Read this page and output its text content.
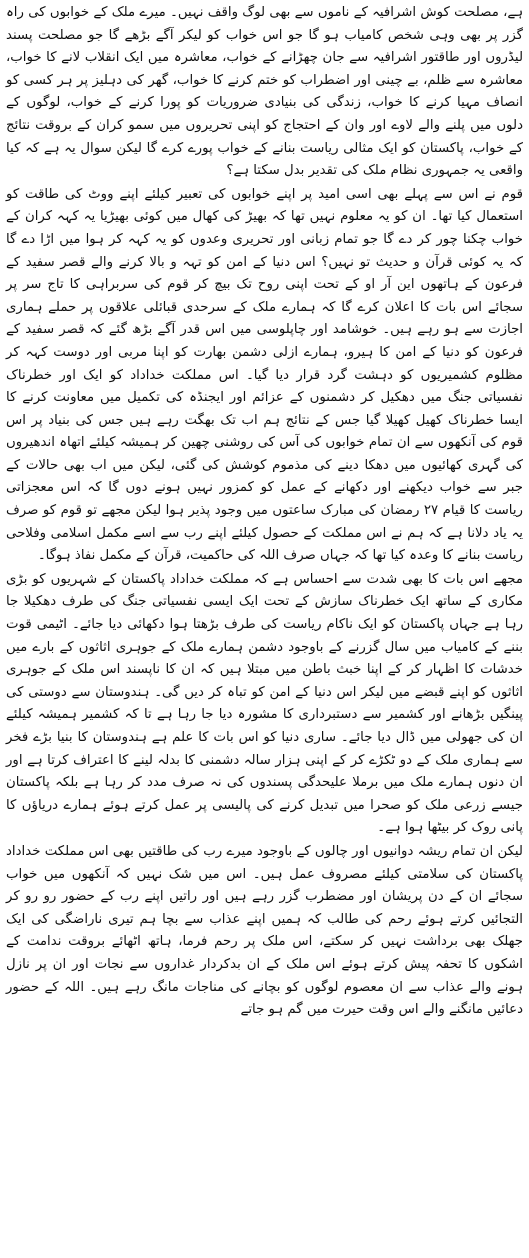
ہے، مصلحت کوش اشرافیہ کے ناموں سے بھی لوگ واقف نہیں۔ میرے ملک کے خوابوں کی راہ گزر پر بھی وہی شخص کامیاب ہو گا جو اس خواب کو لیکر آگے بڑھے گا جو مصلحت پسند لیڈروں اور طاقتور اشرافیہ سے جان چھڑانے کے خواب، معاشرہ میں ایک انقلاب لانے کا خواب، معاشرہ سے ظلم، بے چینی اور اضطراب کو ختم کرنے کا خواب، گھر کی دہلیز پر ہر کسی کو انصاف مہیا کرنے کا خواب، زندگی کی بنیادی ضروریات کو پورا کرنے کے خواب، لوگوں کے دلوں میں پلنے والے لاوے اور وان کے احتجاج کو اپنی تحریروں میں سمو کران کے بروقت نتائج کے خواب، پاکستان کو ایک مثالی ریاست بنانے کے خواب پورے کرے گا لیکن سوال یہ ہے کہ کیا واقعی یہ جمہوری نظام ملک کی تقدیر بدل سکتا ہے؟

قوم نے اس سے پہلے بھی اسی امید پر اپنے خوابوں کی تعبیر کیلئے اپنے ووٹ کی طاقت کو استعمال کیا تھا۔ ان کو یہ معلوم نہیں تھا کہ بھیڑ کی کھال میں کوئی بھیڑیا یہ کہہ کران کے خواب چکنا چور کر دے گا جو تمام زبانی اور تحریری وعدوں کو یہ کہہ کر ہوا میں اڑا دے گا کہ یہ کوئی قرآن و حدیث تو نہیں؟ اس دنیا کے امن کو تہہ و بالا کرنے والے قصر سفید کے فرعون کے ہاتھوں این آر او کے تحت اپنی روح تک بیچ کر قوم کی سربراہی کا تاج سر پر سجائے اس بات کا اعلان کرے گا کہ ہمارے ملک کے سرحدی قبائلی علاقوں پر حملے ہماری اجازت سے ہو رہے ہیں۔ خوشامد اور چاپلوسی میں اس قدر آگے بڑھ گئے کہ قصر سفید کے فرعون کو دنیا کے امن کا ہیرو، ہمارے ازلی دشمن بھارت کو اپنا مربی اور دوست کہہ کر مظلوم کشمیریوں کو دہشت گرد قرار دیا گیا۔ اس مملکت خداداد کو ایک اور خطرناک نفسیاتی جنگ میں دھکیل کر دشمنوں کے عزائم اور ایجنڈہ کی تکمیل میں معاونت کرنے کا ایسا خطرناک کھیل کھیلا گیا جس کے نتائج ہم اب تک بھگت رہے ہیں جس کی بنیاد پر اس قوم کی آنکھوں سے ان تمام خوابوں کی آس کی روشنی چھین کر ہمیشہ کیلئے اتھاہ اندھیروں کی گہری کھائیوں میں دھکا دینے کی مذموم کوشش کی گئی، لیکن میں اب بھی حالات کے جبر سے خواب دیکھنے اور دکھانے کے عمل کو کمزور نہیں ہونے دوں گا کہ اس معجزاتی ریاست کا قیام ۲۷ رمضان کی مبارک ساعتوں میں وجود پذیر ہوا لیکن مجھے تو قوم کو صرف یہ یاد دلانا ہے کہ ہم نے اس مملکت کے حصول کیلئے اپنے رب سے اسے مکمل اسلامی وفلاحی ریاست بنانے کا وعدہ کیا تھا کہ جہاں صرف اللہ کی حاکمیت، قرآن کے مکمل نفاذ ہوگا۔

مجھے اس بات کا بھی شدت سے احساس ہے کہ مملکت خداداد پاکستان کے شہریوں کو بڑی مکاری کے ساتھ ایک خطرناک سازش کے تحت ایک ایسی نفسیاتی جنگ کی طرف دھکیلا جا رہا ہے جہاں پاکستان کو ایک ناکام ریاست کی طرف بڑھتا ہوا دکھائی دیا جائے۔ اٹیمی قوت بننے کے کامیاب میں سال گزرنے کے باوجود دشمن ہمارے ملک کے جوہری اثاثوں کے بارے میں خدشات کا اظہار کر کے اپنا خبث باطن میں مبتلا ہیں کہ ان کا ناپسند اس ملک کے جوہری اثاثوں کو اپنے قبضے میں لیکر اس دنیا کے امن کو تباہ کر دیں گی۔ ہندوستان سے دوستی کی پینگیں بڑھانے اور کشمیر سے دستبرداری کا مشورہ دیا جا رہا ہے تا کہ کشمیر ہمیشہ کیلئے ان کی جھولی میں ڈال دیا جائے۔ ساری دنیا کو اس بات کا علم ہے ہندوستان کا بنیا بڑے فخر سے ہماری ملک کے دو ٹکڑے کر کے اپنی ہزار سالہ دشمنی کا بدلہ لینے کا اعتراف کرتا ہے اور ان دنوں ہمارے ملک میں برملا علیحدگی پسندوں کی نہ صرف مدد کر رہا ہے بلکہ پاکستان جیسے زرعی ملک کو صحرا میں تبدیل کرنے کی پالیسی پر عمل کرتے ہوئے ہمارے دریاؤں کا پانی روک کر بیٹھا ہوا ہے۔

لیکن ان تمام ریشہ دوانیوں اور چالوں کے باوجود میرے رب کی طاقتیں بھی اس مملکت خداداد پاکستان کی سلامتی کیلئے مصروف عمل ہیں۔ اس میں شک نہیں کہ آنکھوں میں خواب سجائے ان کے دن پریشان اور مضطرب گزر رہے ہیں اور راتیں اپنے رب کے حضور رو رو کر التجائیں کرتے ہوئے رحم کی طالب کہ ہمیں اپنے عذاب سے بچا ہم تیری ناراضگی کی ایک جھلک بھی برداشت نہیں کر سکتے، اس ملک پر رحم فرما، ہاتھ اٹھائے بروقت ندامت کے اشکوں کا تحفہ پیش کرتے ہوئے اس ملک کے ان بدکردار غداروں سے نجات اور ان پر نازل ہونے والے عذاب سے ان معصوم لوگوں کو بچانے کی مناجات مانگ رہے ہیں۔ اللہ کے حضور دعائیں مانگنے والے اس وقت حیرت میں گم ہو جاتے
